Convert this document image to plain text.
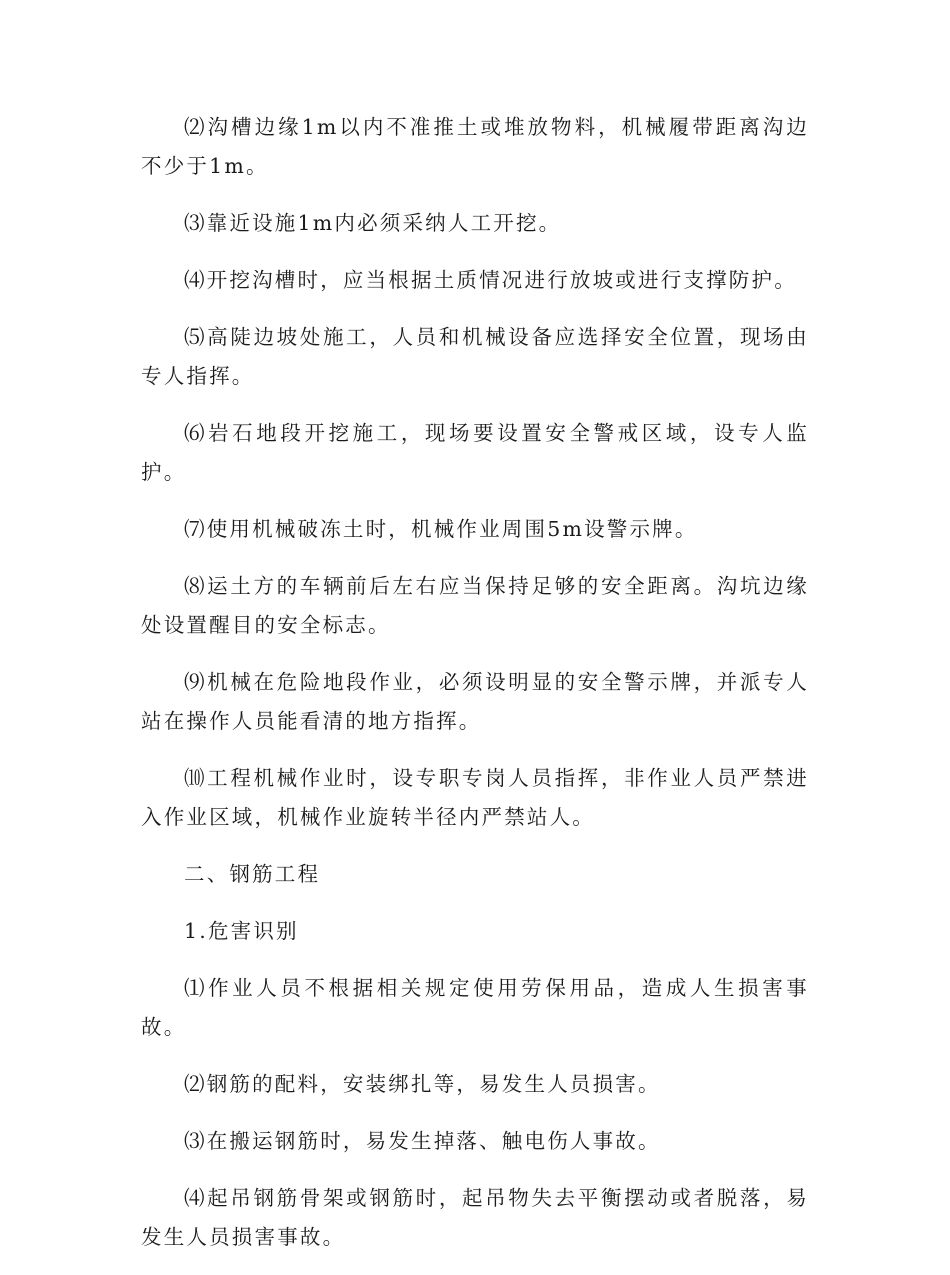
⑵沟槽边缘1m以内不准推土或堆放物料，机械履带距离沟边不少于1m。

⑶靠近设施1m内必须采纳人工开挖。

⑷开挖沟槽时，应当根据土质情况进行放坡或进行支撑防护。

⑸高陡边坡处施工，人员和机械设备应选择安全位置，现场由专人指挥。

⑹岩石地段开挖施工，现场要设置安全警戒区域，设专人监护。

⑺使用机械破冻土时，机械作业周围5m设警示牌。

⑻运土方的车辆前后左右应当保持足够的安全距离。沟坑边缘处设置醒目的安全标志。

⑼机械在危险地段作业，必须设明显的安全警示牌，并派专人站在操作人员能看清的地方指挥。

⑽工程机械作业时，设专职专岗人员指挥，非作业人员严禁进入作业区域，机械作业旋转半径内严禁站人。

二、钢筋工程

1.危害识别

⑴作业人员不根据相关规定使用劳保用品，造成人生损害事故。

⑵钢筋的配料，安装绑扎等，易发生人员损害。

⑶在搬运钢筋时，易发生掉落、触电伤人事故。

⑷起吊钢筋骨架或钢筋时，起吊物失去平衡摆动或者脱落，易发生人员损害事故。
